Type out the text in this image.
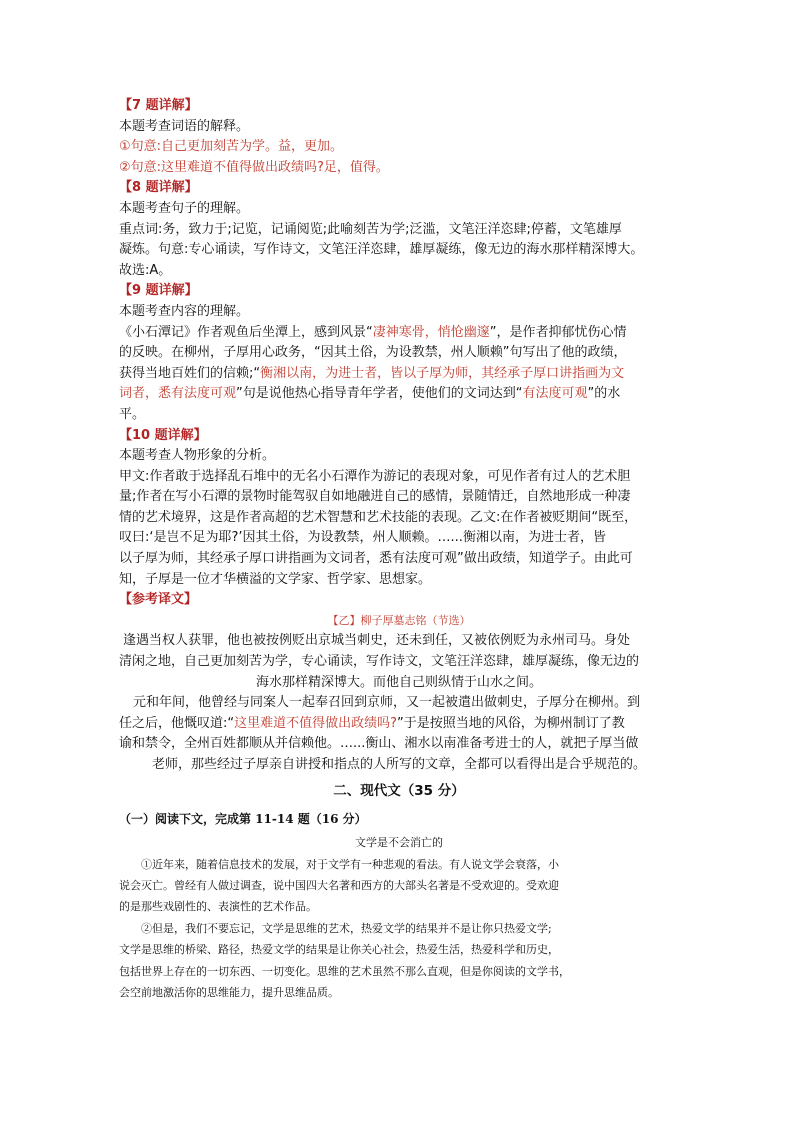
【7 题详解】
本题考查词语的解释。
①句意:自己更加刻苦为学。益，更加。
②句意:这里难道不值得做出政绩吗?足，值得。
【8 题详解】
本题考查句子的理解。
重点词:务，致力于;记览，记诵阅览;此喻刻苦为学;泛滥，文笔汪洋恣肆;停蓄，文笔雄厚
凝炼。句意:专心诵读，写作诗文，文笔汪洋恣肆，雄厚凝练，像无边的海水那样精深博大。
故选:A。
【9 题详解】
本题考查内容的理解。
《小石潭记》作者观鱼后坐潭上，感到风景“凄神寒骨，悄怆幽邃”，是作者抑郁忧伤心情
的反映。在柳州，子厚用心政务，“因其土俗，为设教禁，州人顺赖”句写出了他的政绩，
获得当地百姓们的信赖;“衡湘以南，为进士者，皆以子厚为师，其经承子厚口讲指画为文
词者，悉有法度可观”句是说他热心指导青年学者，使他们的文词达到“有法度可观”的水
平。
【10 题详解】
本题考查人物形象的分析。
甲文:作者敢于选择乱石堆中的无名小石潭作为游记的表现对象，可见作者有过人的艺术胆
量;作者在写小石潭的景物时能驾驭自如地融进自己的感情，景随情迁，自然地形成一种凄
情的艺术境界，这是作者高超的艺术智慧和艺术技能的表现。乙文:在作者被贬期间“既至，
叹曰:‘是岂不足为耶?’因其土俗，为设教禁，州人顺赖。…...衡湘以南，为进士者，皆
以子厚为师，其经承子厚口讲指画为文词者，悉有法度可观”做出政绩，知道学子。由此可
知，子厚是一位才华横溢的文学家、哲学家、思想家。
【参考译文】
【乙】柳子厚墓志铭（节选）
逢遇当权人获罪，他也被按例贬出京城当刺史，还未到任，又被依例贬为永州司马。身处
清闲之地，自己更加刻苦为学，专心诵读，写作诗文，文笔汪洋恣肆，雄厚凝练，像无边的
海水那样精深博大。而他自己则纵情于山水之间。
元和年间，他曾经与同案人一起奉召回到京师，又一起被遣出做刺史，子厚分在柳州。到
任之后，他慨叹道:“这里难道不值得做出政绩吗?”于是按照当地的风俗，为柳州制订了教
谕和禁令，全州百姓都顺从并信赖他。…...衡山、湘水以南准备考进士的人，就把子厚当做
老师，那些经过子厚亲自讲授和指点的人所写的文章，全都可以看得出是合乎规范的。
二、现代文（35 分）
（一）阅读下文，完成第 11-14 题（16 分）
文学是不会消亡的
①近年来，随着信息技术的发展，对于文学有一种悲观的看法。有人说文学会衰落，小
说会灭亡。曾经有人做过调查，说中国四大名著和西方的大部头名著是不受欢迎的。受欢迎
的是那些戏剧性的、表演性的艺术作品。
②但是，我们不要忘记，文学是思维的艺术，热爱文学的结果并不是让你只热爱文学;
文学是思维的桥梁、路径，热爱文学的结果是让你关心社会，热爱生活，热爱科学和历史，
包括世界上存在的一切东西、一切变化。思维的艺术虽然不那么直观，但是你阅读的文学书，
会空前地激活你的思维能力，提升思维品质。
